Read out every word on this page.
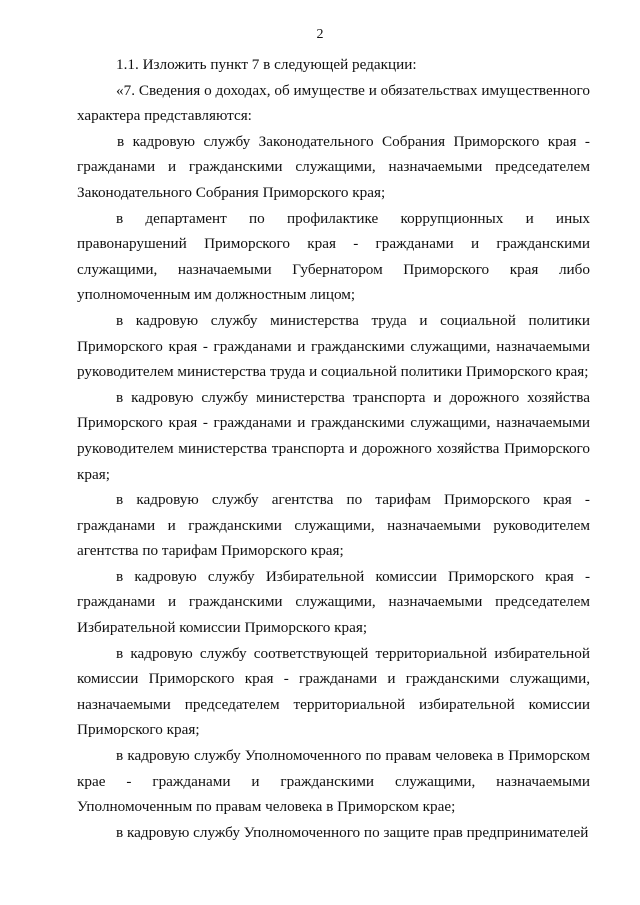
2

1.1. Изложить пункт 7 в следующей редакции:

«7. Сведения о доходах, об имуществе и обязательствах имущественного характера представляются:

в кадровую службу Законодательного Собрания Приморского края - гражданами и гражданскими служащими, назначаемыми председателем Законодательного Собрания Приморского края;

в департамент по профилактике коррупционных и иных правонарушений Приморского края - гражданами и гражданскими служащими, назначаемыми Губернатором Приморского края либо уполномоченным им должностным лицом;

в кадровую службу министерства труда и социальной политики Приморского края - гражданами и гражданскими служащими, назначаемыми руководителем министерства труда и социальной политики Приморского края;

в кадровую службу министерства транспорта и дорожного хозяйства Приморского края - гражданами и гражданскими служащими, назначаемыми руководителем министерства транспорта и дорожного хозяйства Приморского края;

в кадровую службу агентства по тарифам Приморского края - гражданами и гражданскими служащими, назначаемыми руководителем агентства по тарифам Приморского края;

в кадровую службу Избирательной комиссии Приморского края - гражданами и гражданскими служащими, назначаемыми председателем Избирательной комиссии Приморского края;

в кадровую службу соответствующей территориальной избирательной комиссии Приморского края - гражданами и гражданскими служащими, назначаемыми председателем территориальной избирательной комиссии Приморского края;

в кадровую службу Уполномоченного по правам человека в Приморском крае - гражданами и гражданскими служащими, назначаемыми Уполномоченным по правам человека в Приморском крае;

в кадровую службу Уполномоченного по защите прав предпринимателей
